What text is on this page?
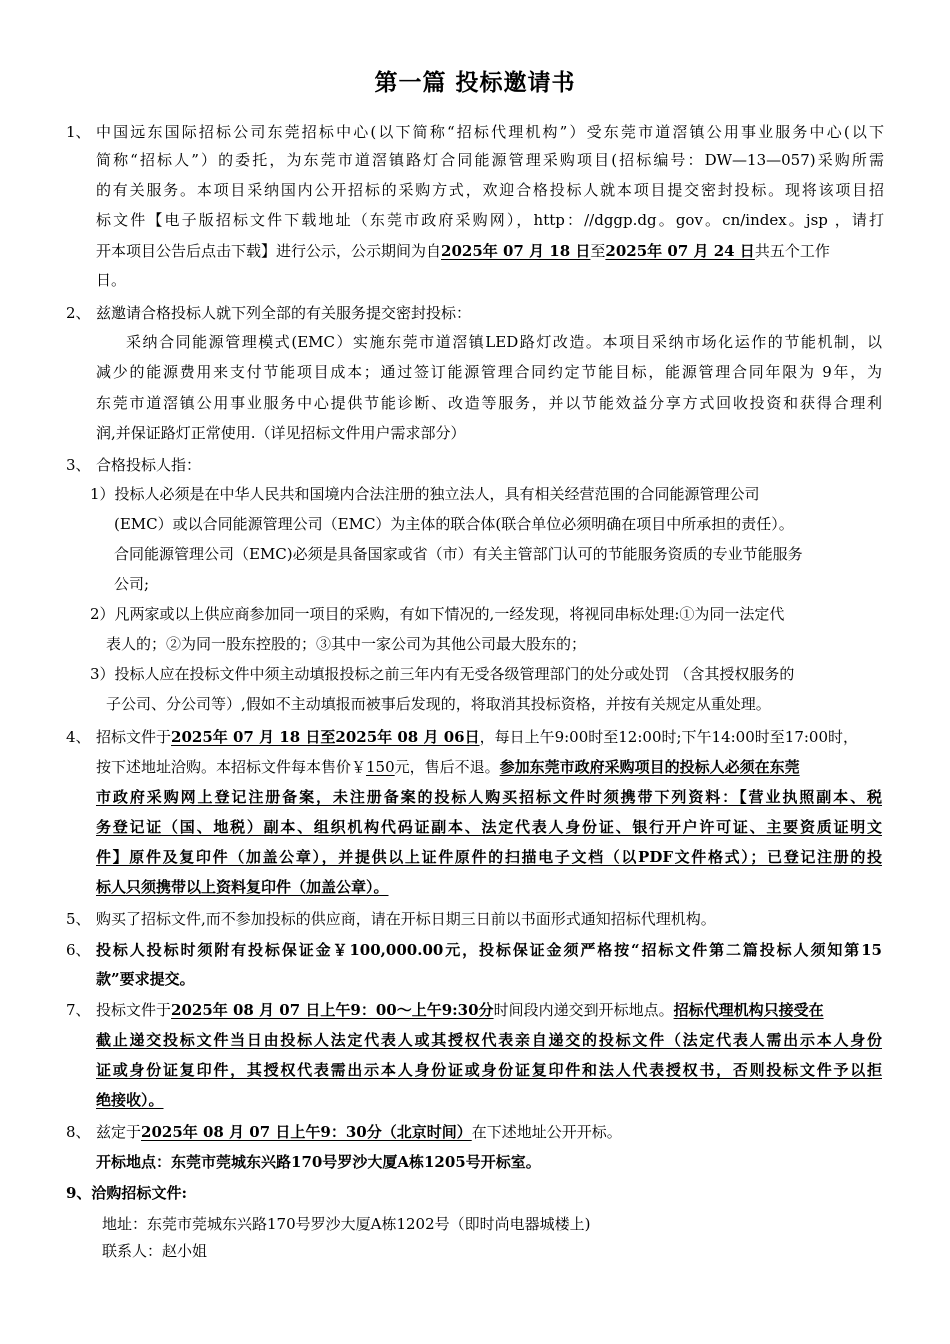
第一篇 投标邀请书
1、 中国远东国际招标公司东莞招标中心(以下简称“招标代理机构”）受东莞市道滘镇公用事业服务中心(以下
简称“招标人”）的委托，为东莞市道滘镇路灯合同能源管理采购项目(招标编号：DW—13—057)采购所需
的有关服务。本项目采纳国内公开招标的采购方式，欢迎合格投标人就本项目提交密封投标。现将该项目招
标文件【电子版招标文件下载地址（东莞市政府采购网），http：//dggp.dg。gov。cn/index。jsp ，请打
开本项目公告后点击下载】进行公示，公示期间为自2025年 07 月 18 日至2025年 07 月 24 日共五个工作
日。
2、 兹邀请合格投标人就下列全部的有关服务提交密封投标：
采纳合同能源管理模式(EMC）实施东莞市道滘镇LED路灯改造。本项目采纳市场化运作的节能机制，以
减少的能源费用来支付节能项目成本；通过签订能源管理合同约定节能目标，能源管理合同年限为 9年，为
东莞市道滘镇公用事业服务中心提供节能诊断、改造等服务，并以节能效益分享方式回收投资和获得合理利
润,并保证路灯正常使用.（详见招标文件用户需求部分）
3、 合格投标人指：
1）投标人必须是在中华人民共和国境内合法注册的独立法人，具有相关经营范围的合同能源管理公司
(EMC）或以合同能源管理公司（EMC）为主体的联合体(联合单位必须明确在项目中所承担的责任）。
合同能源管理公司（EMC)必须是具备国家或省（市）有关主管部门认可的节能服务资质的专业节能服务
公司;
2）凡两家或以上供应商参加同一项目的采购，有如下情况的,一经发现，将视同串标处理:①为同一法定代
表人的；②为同一股东控股的；③其中一家公司为其他公司最大股东的；
3）投标人应在投标文件中须主动填报投标之前三年内有无受各级管理部门的处分或处罚 （含其授权服务的
子公司、分公司等）,假如不主动填报而被事后发现的，将取消其投标资格，并按有关规定从重处理。
4、 招标文件于2025年 07 月 18 日至2025年 08 月 06日，每日上午9:00时至12:00时;下午14:00时至17:00时，
按下述地址洽购。本招标文件每本售价￥150元，售后不退。参加东莞市政府采购项目的投标人必须在东莞
市政府采购网上登记注册备案，未注册备案的投标人购买招标文件时须携带下列资料：【营业执照副本、税
务登记证（国、地税）副本、组织机构代码证副本、法定代表人身份证、银行开户许可证、主要资质证明文
件】原件及复印件（加盖公章），并提供以上证件原件的扫描电子文档（以PDF文件格式）；已登记注册的投
标人只须携带以上资料复印件（加盖公章）。
5、 购买了招标文件,而不参加投标的供应商，请在开标日期三日前以书面形式通知招标代理机构。
6、 投标人投标时须附有投标保证金￥100,000.00元，投标保证金须严格按“招标文件第二篇投标人须知第15
款”要求提交。
7、 投标文件于2025年 08 月 07 日上午9：00～上午9:30分时间段内递交到开标地点。招标代理机构只接受在
截止递交投标文件当日由投标人法定代表人或其授权代表亲自递交的投标文件（法定代表人需出示本人身份
证或身份证复印件，其授权代表需出示本人身份证或身份证复印件和法人代表授权书，否则投标文件予以拒
绝接收）。
8、 兹定于2025年 08 月 07 日上午9：30分（北京时间）在下述地址公开开标。
开标地点：东莞市莞城东兴路170号罗沙大厦A栋1205号开标室。
9、洽购招标文件:
地址：东莞市莞城东兴路170号罗沙大厦A栋1202号（即时尚电器城楼上)
联系人：赵小姐
